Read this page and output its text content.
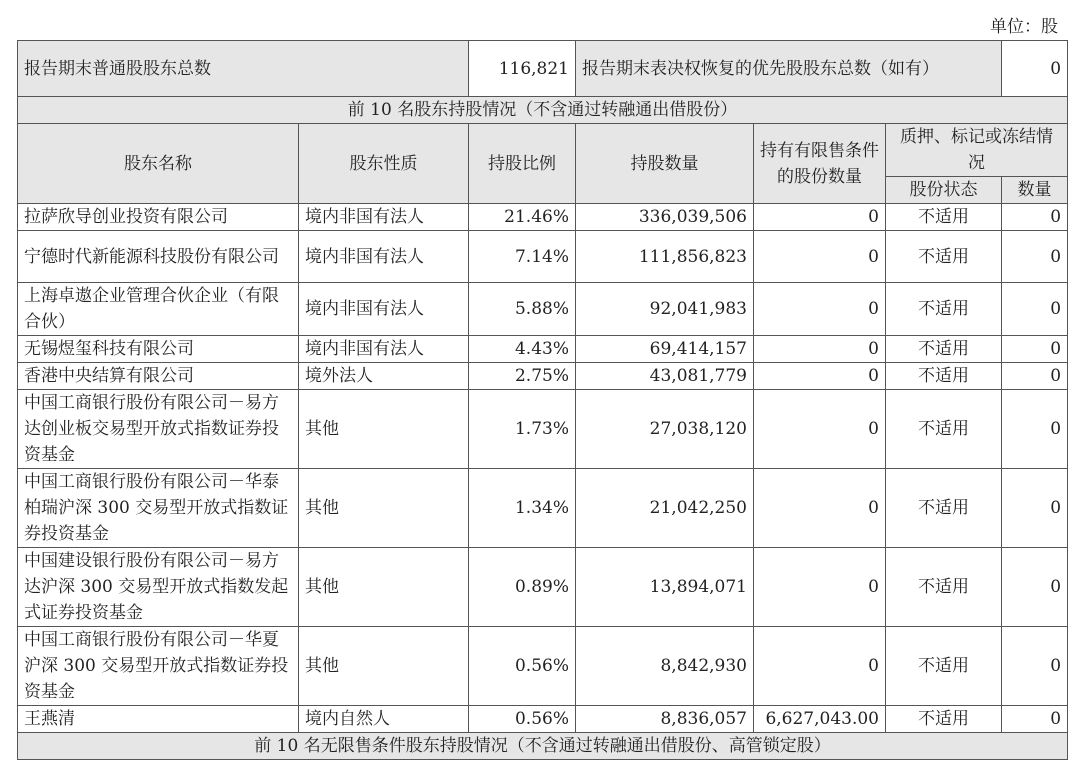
单位：股
报告期末普通股股东总数		116,821	报告期末表决权恢复的优先股股东总数（如有）			0
前 10 名股东持股情况（不含通过转融通出借股份）						
股东名称	股东性质	持股比例	持股数量	持有有限售条件的股份数量	质押、标记或冻结情况	
					股份状态	数量
拉萨欣导创业投资有限公司	境内非国有法人	21.46%	336,039,506	0	不适用	0
宁德时代新能源科技股份有限公司	境内非国有法人	7.14%	111,856,823	0	不适用	0
上海卓遨企业管理合伙企业（有限合伙）	境内非国有法人	5.88%	92,041,983	0	不适用	0
无锡煜玺科技有限公司	境内非国有法人	4.43%	69,414,157	0	不适用	0
香港中央结算有限公司	境外法人	2.75%	43,081,779	0	不适用	0
中国工商银行股份有限公司－易方达创业板交易型开放式指数证券投资基金	其他	1.73%	27,038,120	0	不适用	0
中国工商银行股份有限公司－华泰柏瑞沪深 300 交易型开放式指数证券投资基金	其他	1.34%	21,042,250	0	不适用	0
中国建设银行股份有限公司－易方达沪深 300 交易型开放式指数发起式证券投资基金	其他	0.89%	13,894,071	0	不适用	0
中国工商银行股份有限公司－华夏沪深 300 交易型开放式指数证券投资基金	其他	0.56%	8,842,930	0	不适用	0
王燕清	境内自然人	0.56%	8,836,057	6,627,043.00	不适用	0
前 10 名无限售条件股东持股情况（不含通过转融通出借股份、高管锁定股）						
